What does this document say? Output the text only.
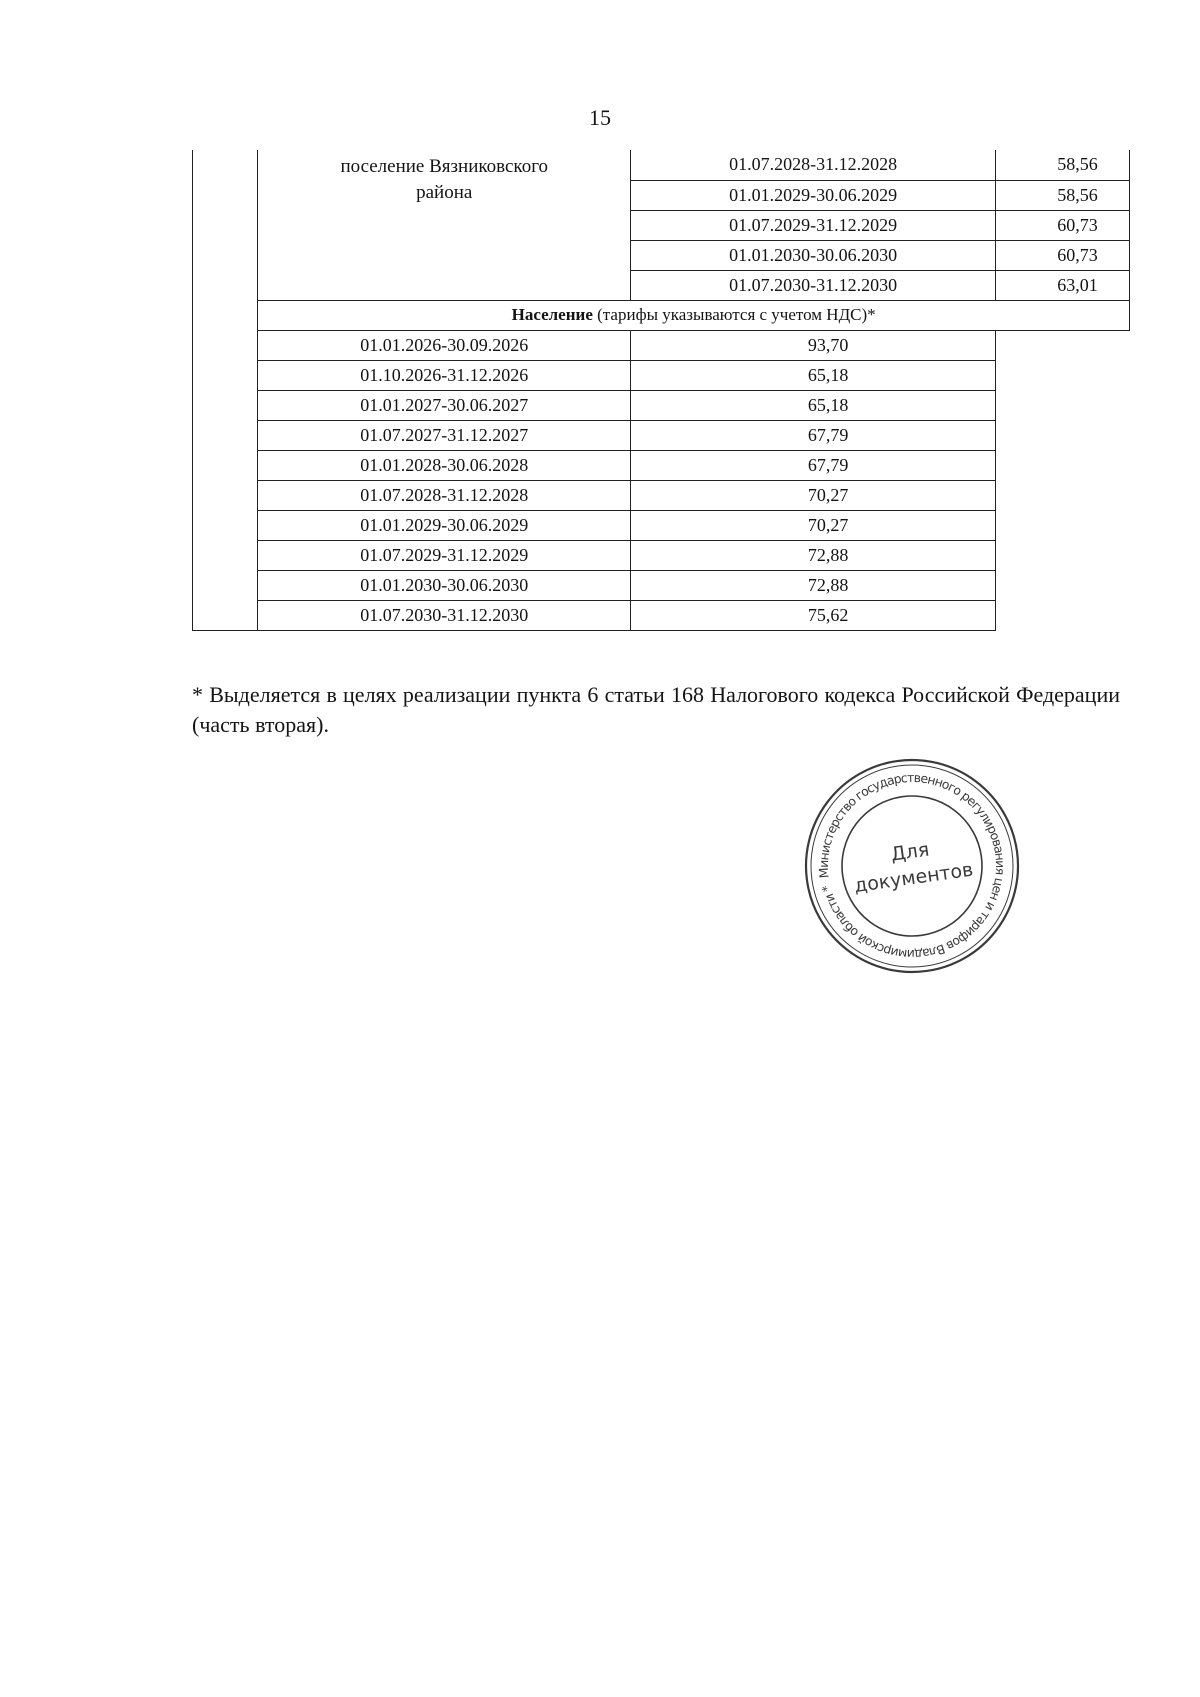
15

	поселение Вязниковского
района	01.07.2028-31.12.2028	58,56
		01.01.2029-30.06.2029	58,56
		01.07.2029-31.12.2029	60,73
		01.01.2030-30.06.2030	60,73
		01.07.2030-31.12.2030	63,01
	Население (тарифы указываются с учетом НДС)*		
	01.01.2026-30.09.2026	93,70	
	01.10.2026-31.12.2026	65,18	
	01.01.2027-30.06.2027	65,18	
	01.07.2027-31.12.2027	67,79	
	01.01.2028-30.06.2028	67,79	
	01.07.2028-31.12.2028	70,27	
	01.01.2029-30.06.2029	70,27	
	01.07.2029-31.12.2029	72,88	
	01.01.2030-30.06.2030	72,88	
	01.07.2030-31.12.2030	75,62	
* Выделяется в целях реализации пункта 6 статьи 168 Налогового кодекса Российской Федерации (часть вторая).
Министерство государственного регулирования цен и тарифов Владимирской области *
Для
документов
